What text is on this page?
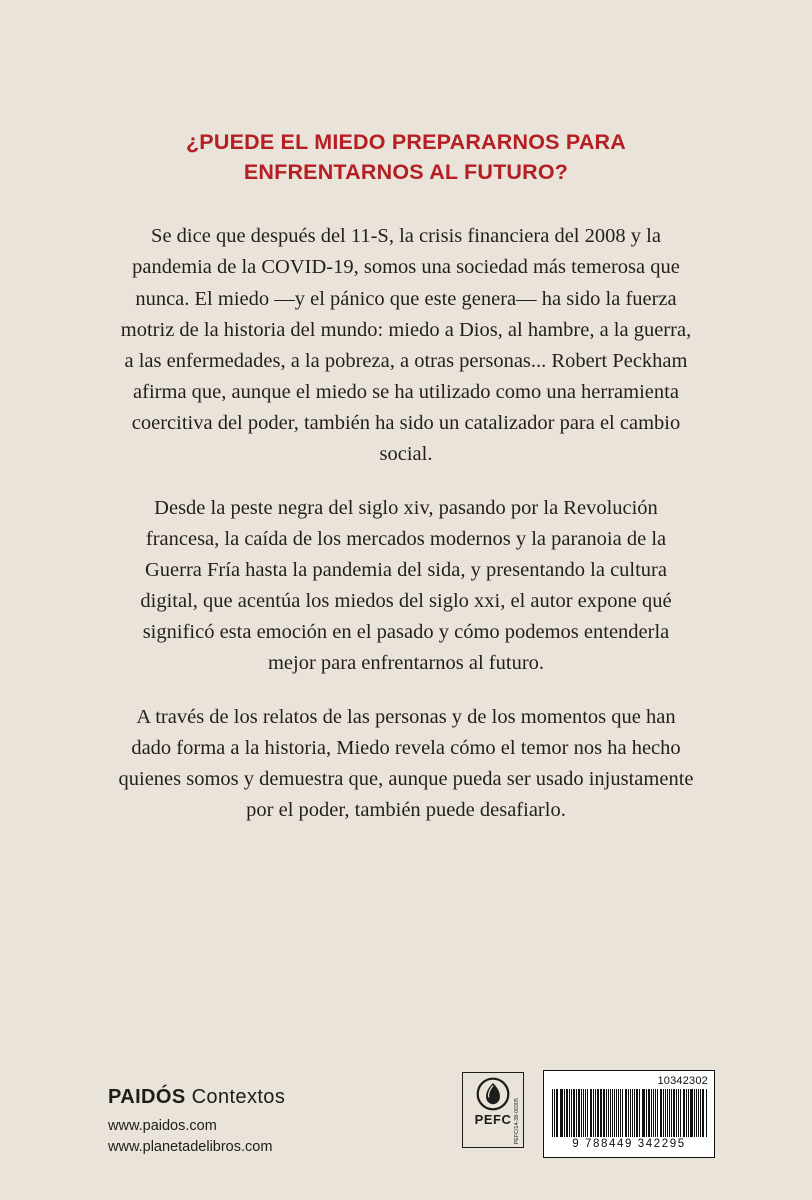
¿PUEDE EL MIEDO PREPARARNOS PARA
ENFRENTARNOS AL FUTURO?

Se dice que después del 11-S, la crisis financiera del 2008 y la pandemia de la COVID-19, somos una sociedad más temerosa que nunca. El miedo —y el pánico que este genera— ha sido la fuerza motriz de la historia del mundo: miedo a Dios, al hambre, a la guerra, a las enfermedades, a la pobreza, a otras personas... Robert Peckham afirma que, aunque el miedo se ha utilizado como una herramienta coercitiva del poder, también ha sido un catalizador para el cambio social.

Desde la peste negra del siglo xiv, pasando por la Revolución francesa, la caída de los mercados modernos y la paranoia de la Guerra Fría hasta la pandemia del sida, y presentando la cultura digital, que acentúa los miedos del siglo xxi, el autor expone qué significó esta emoción en el pasado y cómo podemos entenderla mejor para enfrentarnos al futuro.

A través de los relatos de las personas y de los momentos que han dado forma a la historia, Miedo revela cómo el temor nos ha hecho quienes somos y demuestra que, aunque pueda ser usado injustamente por el poder, también puede desafiarlo.

PAIDÓS Contextos
www.paidos.com
www.planetadelibros.com
PEFC PEFC/14-38-00305
10342302
9 788449 342295
